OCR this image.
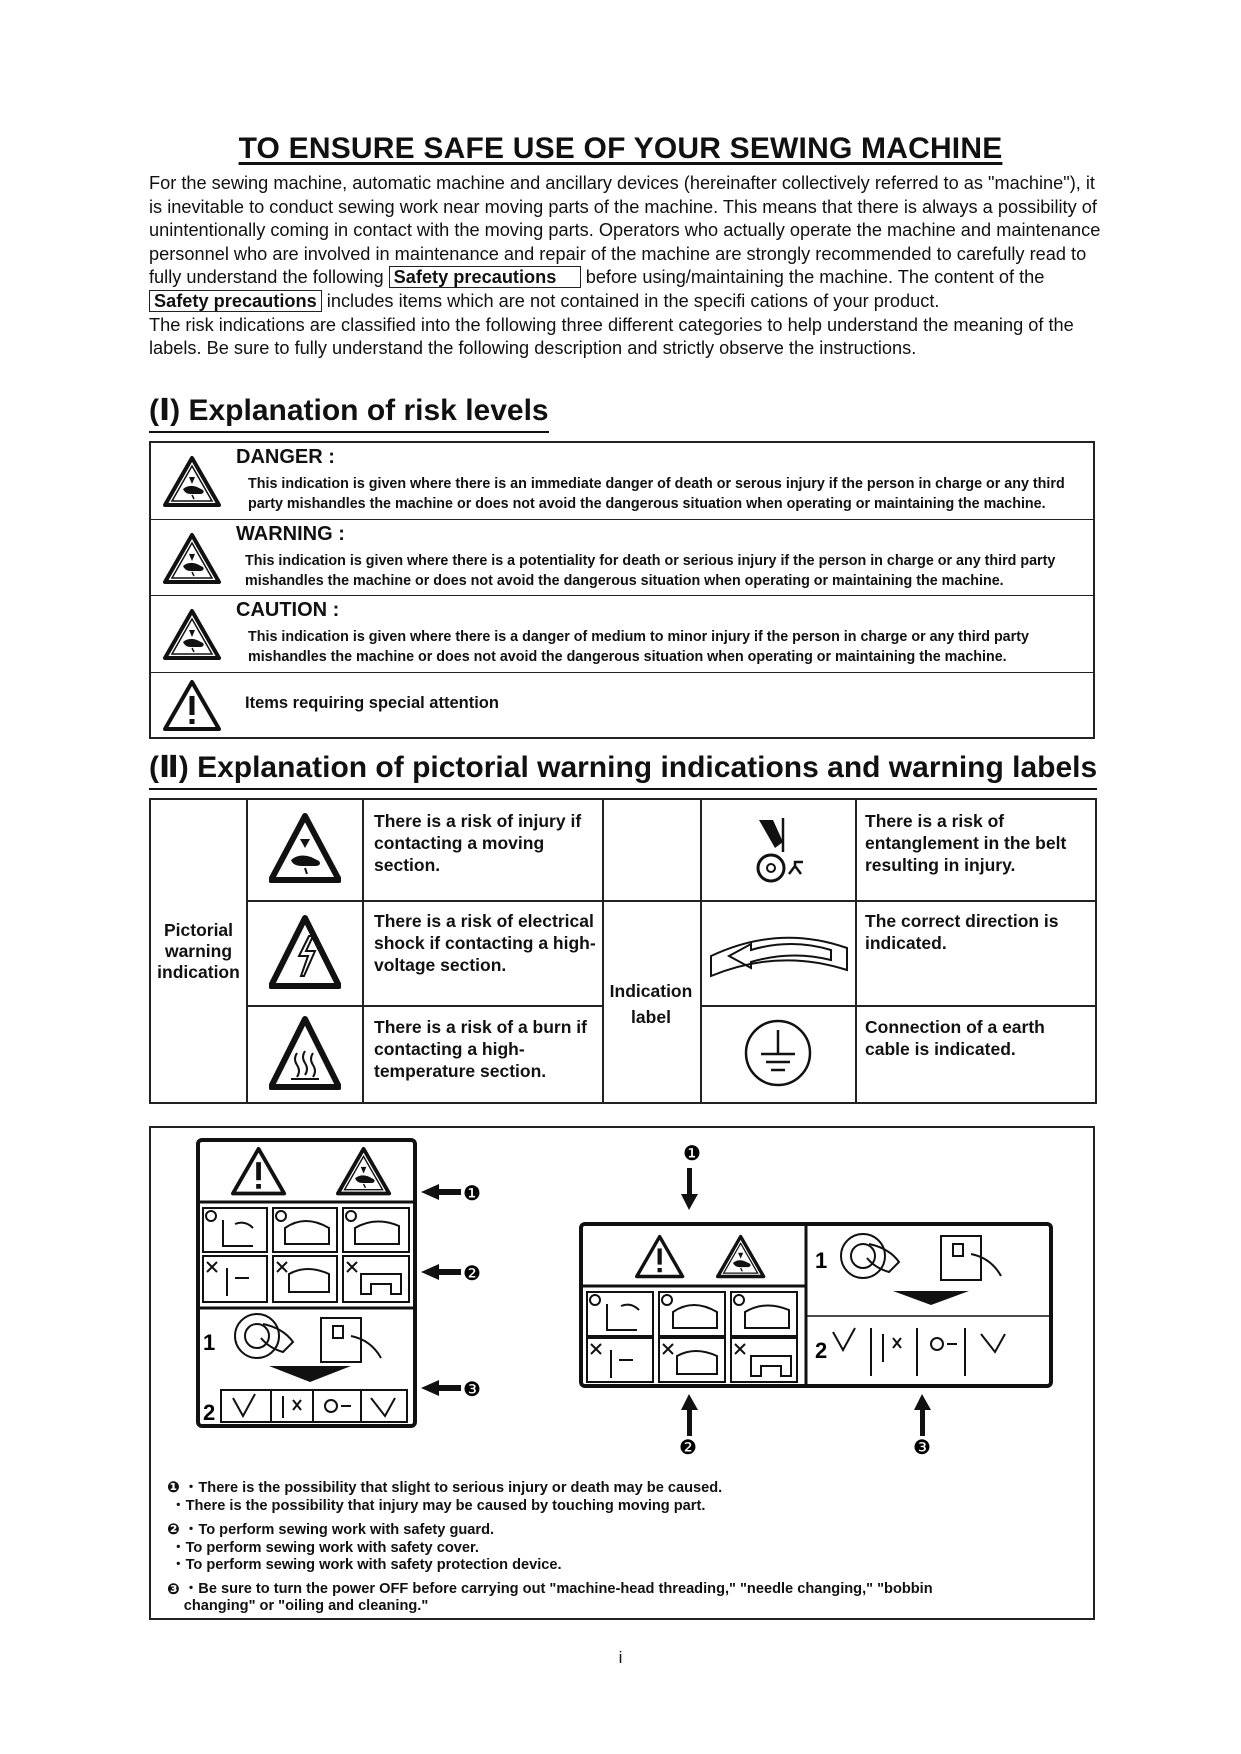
TO ENSURE SAFE USE OF YOUR SEWING MACHINE
For the sewing machine, automatic machine and ancillary devices (hereinafter collectively referred to as "machine"), it is inevitable to conduct sewing work near moving parts of the machine. This means that there is always a possibility of unintentionally coming in contact with the moving parts. Operators who actually operate the machine and maintenance personnel who are involved in maintenance and repair of the machine are strongly recommended to carefully read to fully understand the following Safety precautions before using/maintaining the machine. The content of the Safety precautions includes items which are not contained in the specifi cations of your product.
The risk indications are classified into the following three different categories to help understand the meaning of the labels. Be sure to fully understand the following description and strictly observe the instructions.
(Ⅰ) Explanation of risk levels
DANGER :
This indication is given where there is an immediate danger of death or serous injury if the person in charge or any third party mishandles the machine or does not avoid the dangerous situation when operating or maintaining the machine.
WARNING :
This indication is given where there is a potentiality for death or serious injury if the person in charge or any third party mishandles the machine or does not avoid the dangerous situation when operating or maintaining the machine.
CAUTION :
This indication is given where there is a danger of medium to minor injury if the person in charge or any third party mishandles the machine or does not avoid the dangerous situation when operating or maintaining the machine.
Items requiring special attention
(Ⅱ) Explanation of pictorial warning indications and warning labels
Pictorial warning indication
Indication label
There is a risk of injury if contacting a moving section.
There is a risk of electrical shock if contacting a high-voltage section.
There is a risk of a burn if contacting a high-temperature section.
There is a risk of entanglement in the belt resulting in injury.
The correct direction is indicated.
Connection of a earth cable is indicated.
1
2
❶
❷
❸
1
2
❶
❷	❸
❶ ・There is the possibility that slight to serious injury or death may be caused.
・There is the possibility that injury may be caused by touching moving part.
❷ ・To perform sewing work with safety guard.
・To perform sewing work with safety cover.
・To perform sewing work with safety protection device.
❸ ・Be sure to turn the power OFF before carrying out "machine-head threading," "needle changing," "bobbin changing" or "oiling and cleaning."
i
